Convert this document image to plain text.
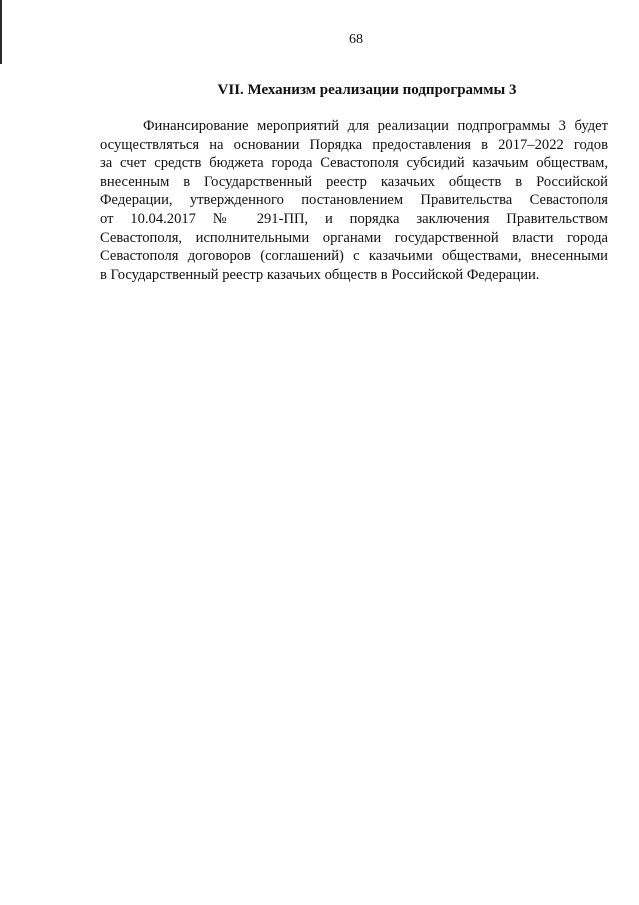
68
VII. Механизм реализации подпрограммы 3
Финансирование мероприятий для реализации подпрограммы 3 будет
осуществляться на основании Порядка предоставления в 2017–2022 годов
за счет средств бюджета города Севастополя субсидий казачьим обществам,
внесенным в Государственный реестр казачьих обществ в Российской
Федерации, утвержденного постановлением Правительства Севастополя
от 10.04.2017 № 291-ПП, и порядка заключения Правительством
Севастополя, исполнительными органами государственной власти города
Севастополя договоров (соглашений) с казачьими обществами, внесенными
в Государственный реестр казачьих обществ в Российской Федерации.
